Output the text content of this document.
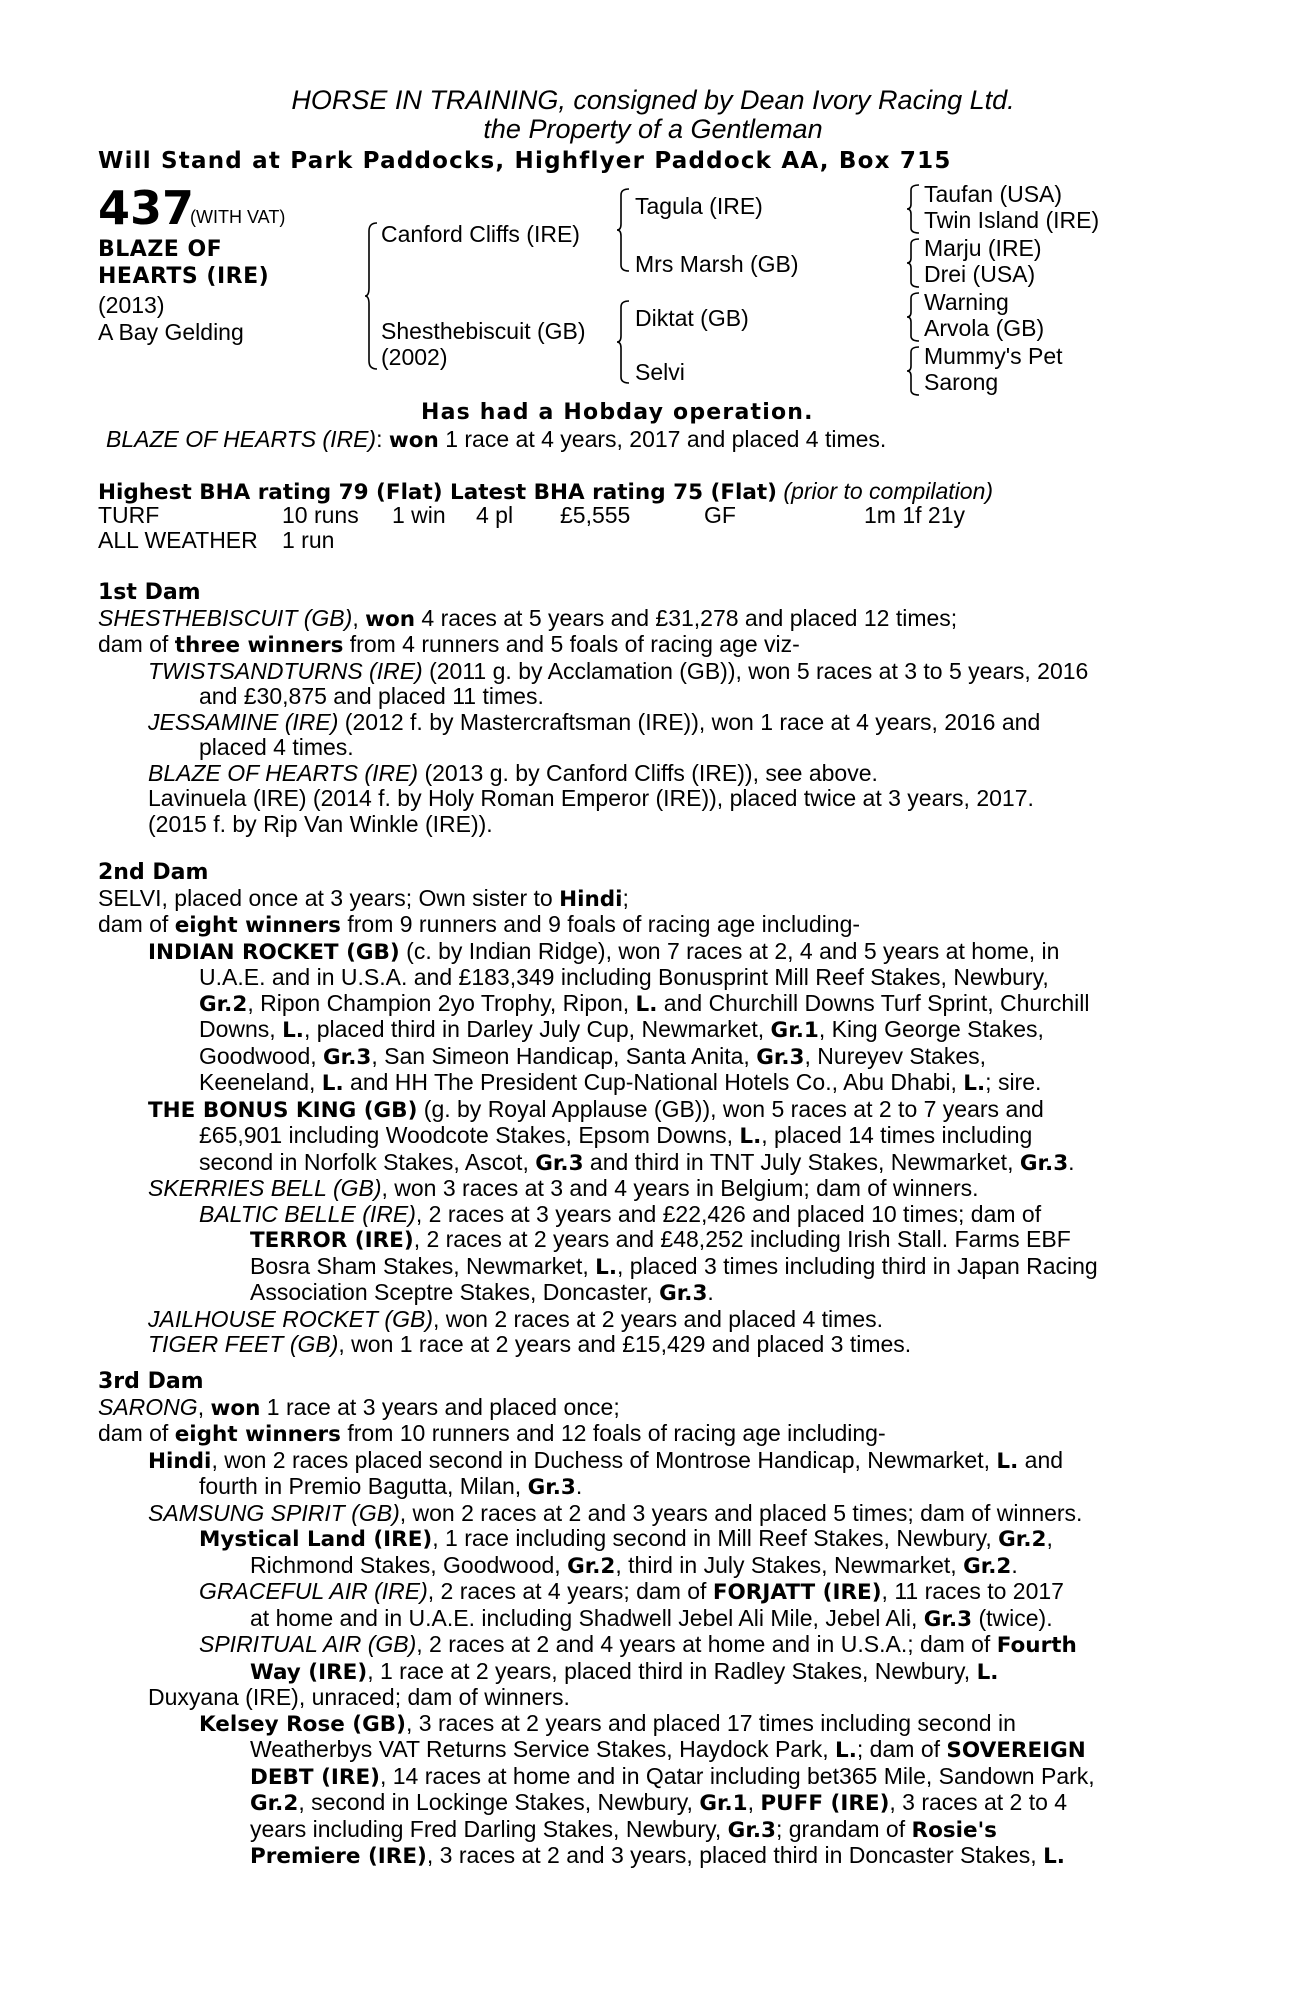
HORSE IN TRAINING, consigned by Dean Ivory Racing Ltd.
the Property of a Gentleman
Will Stand at Park Paddocks, Highflyer Paddock AA, Box 715
437
(WITH VAT)
BLAZE OF
HEARTS (IRE)
(2013)
A Bay Gelding
Canford Cliffs (IRE)
Shesthebiscuit (GB)
(2002)
Tagula (IRE)
Mrs Marsh (GB)
Diktat (GB)
Selvi
Taufan (USA)
Twin Island (IRE)
Marju (IRE)
Drei (USA)
Warning
Arvola (GB)
Mummy's Pet
Sarong
Has had a Hobday operation.
BLAZE OF HEARTS (IRE): won 1 race at 4 years, 2017 and placed 4 times.
Highest BHA rating 79 (Flat) Latest BHA rating 75 (Flat) (prior to compilation)
TURF	10 runs 1 win 4 pl £5,555	GF	1m 1f 21y
ALL WEATHER 1 run

1st Dam

SHESTHEBISCUIT (GB), won 4 races at 5 years and £31,278 and placed 12 times;

dam of three winners from 4 runners and 5 foals of racing age viz-

TWISTSANDTURNS (IRE) (2011 g. by Acclamation (GB)), won 5 races at 3 to 5 years, 2016

and £30,875 and placed 11 times.

JESSAMINE (IRE) (2012 f. by Mastercraftsman (IRE)), won 1 race at 4 years, 2016 and

placed 4 times.

BLAZE OF HEARTS (IRE) (2013 g. by Canford Cliffs (IRE)), see above.

Lavinuela (IRE) (2014 f. by Holy Roman Emperor (IRE)), placed twice at 3 years, 2017.

(2015 f. by Rip Van Winkle (IRE)).

2nd Dam

SELVI, placed once at 3 years; Own sister to Hindi;

dam of eight winners from 9 runners and 9 foals of racing age including-

INDIAN ROCKET (GB) (c. by Indian Ridge), won 7 races at 2, 4 and 5 years at home, in

U.A.E. and in U.S.A. and £183,349 including Bonusprint Mill Reef Stakes, Newbury,

Gr.2, Ripon Champion 2yo Trophy, Ripon, L. and Churchill Downs Turf Sprint, Churchill

Downs, L., placed third in Darley July Cup, Newmarket, Gr.1, King George Stakes,

Goodwood, Gr.3, San Simeon Handicap, Santa Anita, Gr.3, Nureyev Stakes,

Keeneland, L. and HH The President Cup-National Hotels Co., Abu Dhabi, L.; sire.

THE BONUS KING (GB) (g. by Royal Applause (GB)), won 5 races at 2 to 7 years and

£65,901 including Woodcote Stakes, Epsom Downs, L., placed 14 times including

second in Norfolk Stakes, Ascot, Gr.3 and third in TNT July Stakes, Newmarket, Gr.3.

SKERRIES BELL (GB), won 3 races at 3 and 4 years in Belgium; dam of winners.

BALTIC BELLE (IRE), 2 races at 3 years and £22,426 and placed 10 times; dam of

TERROR (IRE), 2 races at 2 years and £48,252 including Irish Stall. Farms EBF

Bosra Sham Stakes, Newmarket, L., placed 3 times including third in Japan Racing

Association Sceptre Stakes, Doncaster, Gr.3.

JAILHOUSE ROCKET (GB), won 2 races at 2 years and placed 4 times.

TIGER FEET (GB), won 1 race at 2 years and £15,429 and placed 3 times.

3rd Dam

SARONG, won 1 race at 3 years and placed once;

dam of eight winners from 10 runners and 12 foals of racing age including-

Hindi, won 2 races placed second in Duchess of Montrose Handicap, Newmarket, L. and

fourth in Premio Bagutta, Milan, Gr.3.

SAMSUNG SPIRIT (GB), won 2 races at 2 and 3 years and placed 5 times; dam of winners.

Mystical Land (IRE), 1 race including second in Mill Reef Stakes, Newbury, Gr.2,

Richmond Stakes, Goodwood, Gr.2, third in July Stakes, Newmarket, Gr.2.

GRACEFUL AIR (IRE), 2 races at 4 years; dam of FORJATT (IRE), 11 races to 2017

at home and in U.A.E. including Shadwell Jebel Ali Mile, Jebel Ali, Gr.3 (twice).

SPIRITUAL AIR (GB), 2 races at 2 and 4 years at home and in U.S.A.; dam of Fourth

Way (IRE), 1 race at 2 years, placed third in Radley Stakes, Newbury, L.

Duxyana (IRE), unraced; dam of winners.

Kelsey Rose (GB), 3 races at 2 years and placed 17 times including second in

Weatherbys VAT Returns Service Stakes, Haydock Park, L.; dam of SOVEREIGN

DEBT (IRE), 14 races at home and in Qatar including bet365 Mile, Sandown Park,

Gr.2, second in Lockinge Stakes, Newbury, Gr.1, PUFF (IRE), 3 races at 2 to 4

years including Fred Darling Stakes, Newbury, Gr.3; grandam of Rosie's

Premiere (IRE), 3 races at 2 and 3 years, placed third in Doncaster Stakes, L.
